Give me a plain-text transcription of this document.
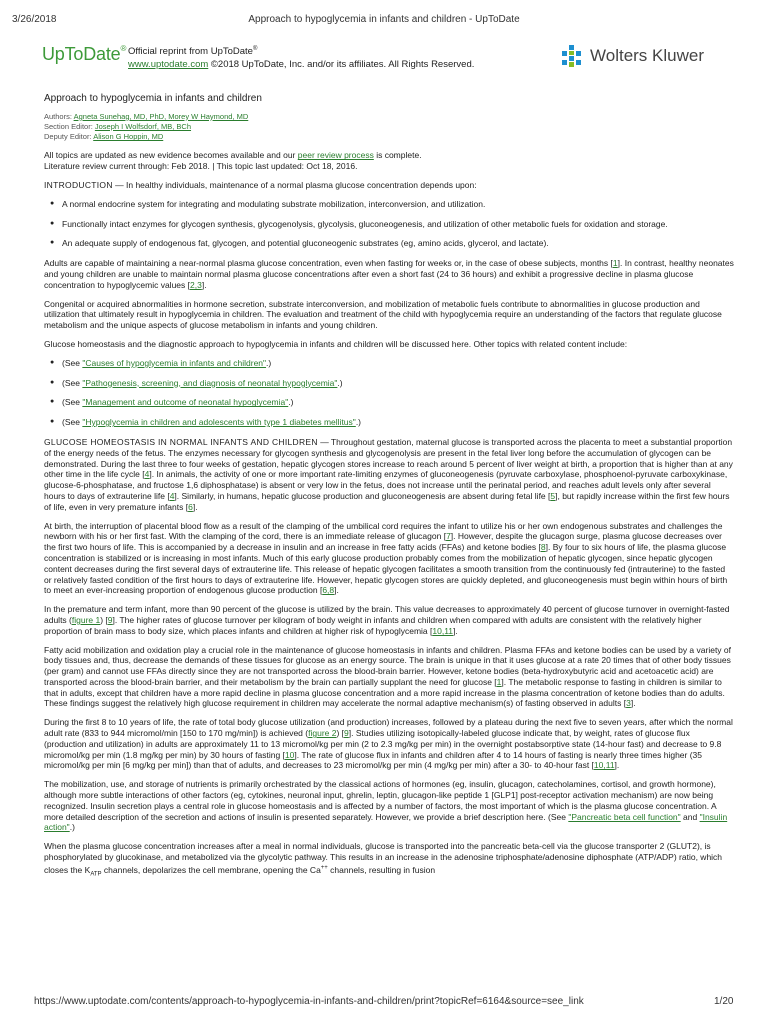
3/26/2018	Approach to hypoglycemia in infants and children - UpToDate
UpToDate® Official reprint from UpToDate®
www.uptodate.com ©2018 UpToDate, Inc. and/or its affiliates. All Rights Reserved.	Wolters Kluwer
Approach to hypoglycemia in infants and children
Authors: Agneta Sunehag, MD, PhD, Morey W Haymond, MD
Section Editor: Joseph I Wolfsdorf, MB, BCh
Deputy Editor: Alison G Hoppin, MD
All topics are updated as new evidence becomes available and our peer review process is complete.

Literature review current through: Feb 2018. | This topic last updated: Oct 18, 2016.

INTRODUCTION — In healthy individuals, maintenance of a normal plasma glucose concentration depends upon:

● A normal endocrine system for integrating and modulating substrate mobilization, interconversion, and utilization.
● Functionally intact enzymes for glycogen synthesis, glycogenolysis, glycolysis, gluconeogenesis, and utilization of other metabolic fuels for oxidation and storage.
● An adequate supply of endogenous fat, glycogen, and potential gluconeogenic substrates (eg, amino acids, glycerol, and lactate).

Adults are capable of maintaining a near-normal plasma glucose concentration, even when fasting for weeks or, in the case of obese subjects, months [1]. In contrast, healthy neonates and young children are unable to maintain normal plasma glucose concentrations after even a short fast (24 to 36 hours) and exhibit a progressive decline in plasma glucose concentration to hypoglycemic values [2,3].

Congenital or acquired abnormalities in hormone secretion, substrate interconversion, and mobilization of metabolic fuels contribute to abnormalities in glucose production and utilization that ultimately result in hypoglycemia in children. The evaluation and treatment of the child with hypoglycemia require an understanding of the factors that regulate glucose metabolism and the unique aspects of glucose metabolism in infants and young children.

Glucose homeostasis and the diagnostic approach to hypoglycemia in infants and children will be discussed here. Other topics with related content include:

● (See "Causes of hypoglycemia in infants and children".)
● (See "Pathogenesis, screening, and diagnosis of neonatal hypoglycemia".)
● (See "Management and outcome of neonatal hypoglycemia".)
● (See "Hypoglycemia in children and adolescents with type 1 diabetes mellitus".)

GLUCOSE HOMEOSTASIS IN NORMAL INFANTS AND CHILDREN — Throughout gestation, maternal glucose is transported across the placenta to meet a substantial proportion of the energy needs of the fetus. The enzymes necessary for glycogen synthesis and glycogenolysis are present in the fetal liver long before the accumulation of glycogen can be demonstrated. During the last three to four weeks of gestation, hepatic glycogen stores increase to reach around 5 percent of liver weight at birth, a proportion that is higher than at any other time in the life cycle [4]. In animals, the activity of one or more important rate-limiting enzymes of gluconeogenesis (pyruvate carboxylase, phosphoenol-pyruvate carboxykinase, glucose-6-phosphatase, and fructose 1,6 diphosphatase) is absent or very low in the fetus, does not increase until the perinatal period, and reaches adult levels only after several hours to days of extrauterine life [4]. Similarly, in humans, hepatic glucose production and gluconeogenesis are absent during fetal life [5], but rapidly increase within the first few hours of life, even in very premature infants [6].

At birth, the interruption of placental blood flow as a result of the clamping of the umbilical cord requires the infant to utilize his or her own endogenous substrates and challenges the newborn with his or her first fast. With the clamping of the cord, there is an immediate release of glucagon [7]. However, despite the glucagon surge, plasma glucose decreases over the first two hours of life. This is accompanied by a decrease in insulin and an increase in free fatty acids (FFAs) and ketone bodies [8]. By four to six hours of life, the plasma glucose concentration is stabilized or is increasing in most infants. Much of this early glucose production probably comes from the mobilization of hepatic glycogen, since hepatic glycogen content decreases during the first several days of extrauterine life. This release of hepatic glycogen facilitates a smooth transition from the continuously fed (intrauterine) to the fasted or relatively fasted condition of the first hours to days of extrauterine life. However, hepatic glycogen stores are quickly depleted, and gluconeogenesis must begin within hours of birth to meet an ever-increasing proportion of endogenous glucose production [6,8].

In the premature and term infant, more than 90 percent of the glucose is utilized by the brain. This value decreases to approximately 40 percent of glucose turnover in overnight-fasted adults (figure 1) [9]. The higher rates of glucose turnover per kilogram of body weight in infants and children when compared with adults are consistent with the relatively higher proportion of brain mass to body size, which places infants and children at higher risk of hypoglycemia [10,11].

Fatty acid mobilization and oxidation play a crucial role in the maintenance of glucose homeostasis in infants and children. Plasma FFAs and ketone bodies can be used by a variety of body tissues and, thus, decrease the demands of these tissues for glucose as an energy source. The brain is unique in that it uses glucose at a rate 20 times that of other body tissues (per gram) and cannot use FFAs directly since they are not transported across the blood-brain barrier. However, ketone bodies (beta-hydroxybutyric acid and acetoacetic acid) are transported across the blood-brain barrier, and their metabolism by the brain can partially supplant the need for glucose [1]. The metabolic response to fasting in children is similar to that in adults, except that children have a more rapid decline in plasma glucose concentration and a more rapid increase in the plasma concentration of ketone bodies than do adults. These findings suggest the relatively high glucose requirement in children may accelerate the normal adaptive mechanism(s) of fasting observed in adults [3].

During the first 8 to 10 years of life, the rate of total body glucose utilization (and production) increases, followed by a plateau during the next five to seven years, after which the normal adult rate (833 to 944 micromol/min [150 to 170 mg/min]) is achieved (figure 2) [9]. Studies utilizing isotopically-labeled glucose indicate that, by weight, rates of glucose flux (production and utilization) in adults are approximately 11 to 13 micromol/kg per min (2 to 2.3 mg/kg per min) in the overnight postabsorptive state (14-hour fast) and decrease to 9.8 micromol/kg per min (1.8 mg/kg per min) by 30 hours of fasting [10]. The rate of glucose flux in infants and children after 4 to 14 hours of fasting is nearly three times higher (35 micromol/kg per min [6 mg/kg per min]) than that of adults, and decreases to 23 micromol/kg per min (4 mg/kg per min) after a 30- to 40-hour fast [10,11].

The mobilization, use, and storage of nutrients is primarily orchestrated by the classical actions of hormones (eg, insulin, glucagon, catecholamines, cortisol, and growth hormone), although more subtle interactions of other factors (eg, cytokines, neuronal input, ghrelin, leptin, glucagon-like peptide 1 [GLP1] post-receptor activation mechanism) are now being recognized. Insulin secretion plays a central role in glucose homeostasis and is affected by a number of factors, the most important of which is the plasma glucose concentration. A more detailed description of the secretion and actions of insulin is presented separately. However, we provide a brief description here. (See "Pancreatic beta cell function" and "Insulin action".)

When the plasma glucose concentration increases after a meal in normal individuals, glucose is transported into the pancreatic beta-cell via the glucose transporter 2 (GLUT2), is phosphorylated by glucokinase, and metabolized via the glycolytic pathway. This results in an increase in the adenosine triphosphate/adenosine diphosphate (ATP/ADP) ratio, which closes the $K_{ATP}$ channels, depolarizes the cell membrane, opening the Ca++ channels, resulting in fusion

https://www.uptodate.com/contents/approach-to-hypoglycemia-in-infants-and-children/print?topicRef=6164&source=see_link	1/20
